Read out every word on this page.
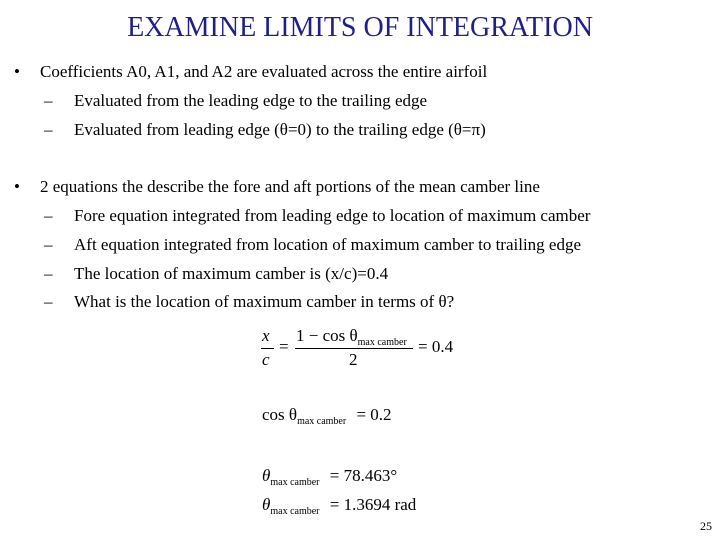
EXAMINE LIMITS OF INTEGRATION
• Coefficients A0, A1, and A2 are evaluated across the entire airfoil
– Evaluated from the leading edge to the trailing edge
– Evaluated from leading edge (θ=0) to the trailing edge (θ=π)
• 2 equations the describe the fore and aft portions of the mean camber line
– Fore equation integrated from leading edge to location of maximum camber
– Aft equation integrated from location of maximum camber to trailing edge
– The location of maximum camber is (x/c)=0.4
– What is the location of maximum camber in terms of θ?
x
c
=
$1 - \cos \theta_{max camber}$
2
= 0.4
$\cos \theta_{max camber} = 0.2$
$\theta_{max camber} = 78.463^\circ$
$\theta_{max camber} = 1.3694$ rad
25
